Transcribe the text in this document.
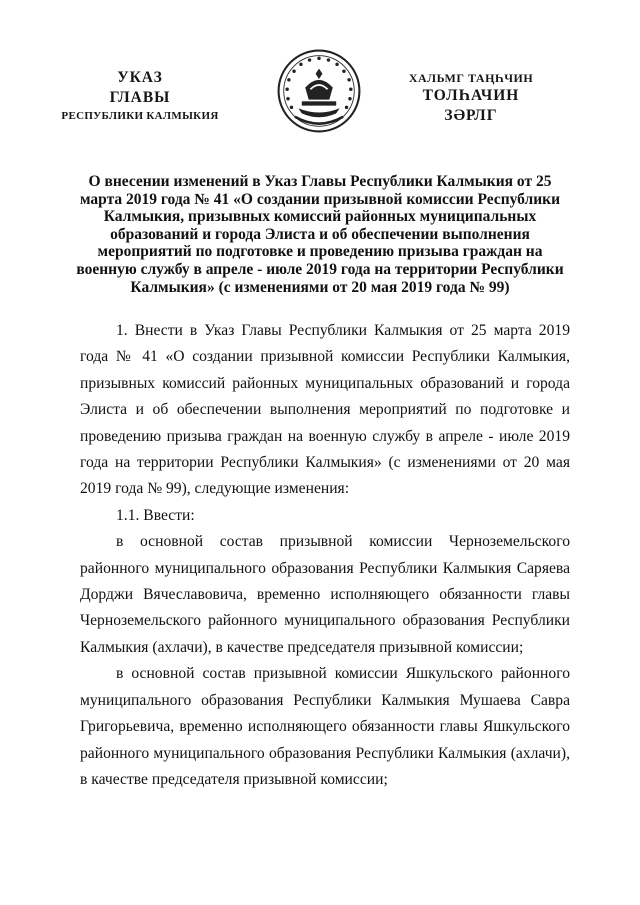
УКАЗ
ГЛАВЫ
РЕСПУБЛИКИ КАЛМЫКИЯ
ХАЛЬМГ ТАҢҺЧИН
ТОЛҺАЧИН
ЗӘРЛГ
О внесении изменений в Указ Главы Республики Калмыкия от 25 марта 2019 года № 41 «О создании призывной комиссии Республики Калмыкия, призывных комиссий районных муниципальных образований и города Элиста и об обеспечении выполнения мероприятий по подготовке и проведению призыва граждан на военную службу в апреле - июле 2019 года на территории Республики Калмыкия» (с изменениями от 20 мая 2019 года № 99)

1. Внести в Указ Главы Республики Калмыкия от 25 марта 2019 года № 41 «О создании призывной комиссии Республики Калмыкия, призывных комиссий районных муниципальных образований и города Элиста и об обеспечении выполнения мероприятий по подготовке и проведению призыва граждан на военную службу в апреле - июле 2019 года на территории Республики Калмыкия» (с изменениями от 20 мая 2019 года № 99), следующие изменения:

1.1. Ввести:

в основной состав призывной комиссии Черноземельского районного муниципального образования Республики Калмыкия Саряева Дорджи Вячеславовича, временно исполняющего обязанности главы Черноземельского районного муниципального образования Республики Калмыкия (ахлачи), в качестве председателя призывной комиссии;

в основной состав призывной комиссии Яшкульского районного муниципального образования Республики Калмыкия Мушаева Савра Григорьевича, временно исполняющего обязанности главы Яшкульского районного муниципального образования Республики Калмыкия (ахлачи), в качестве председателя призывной комиссии;
